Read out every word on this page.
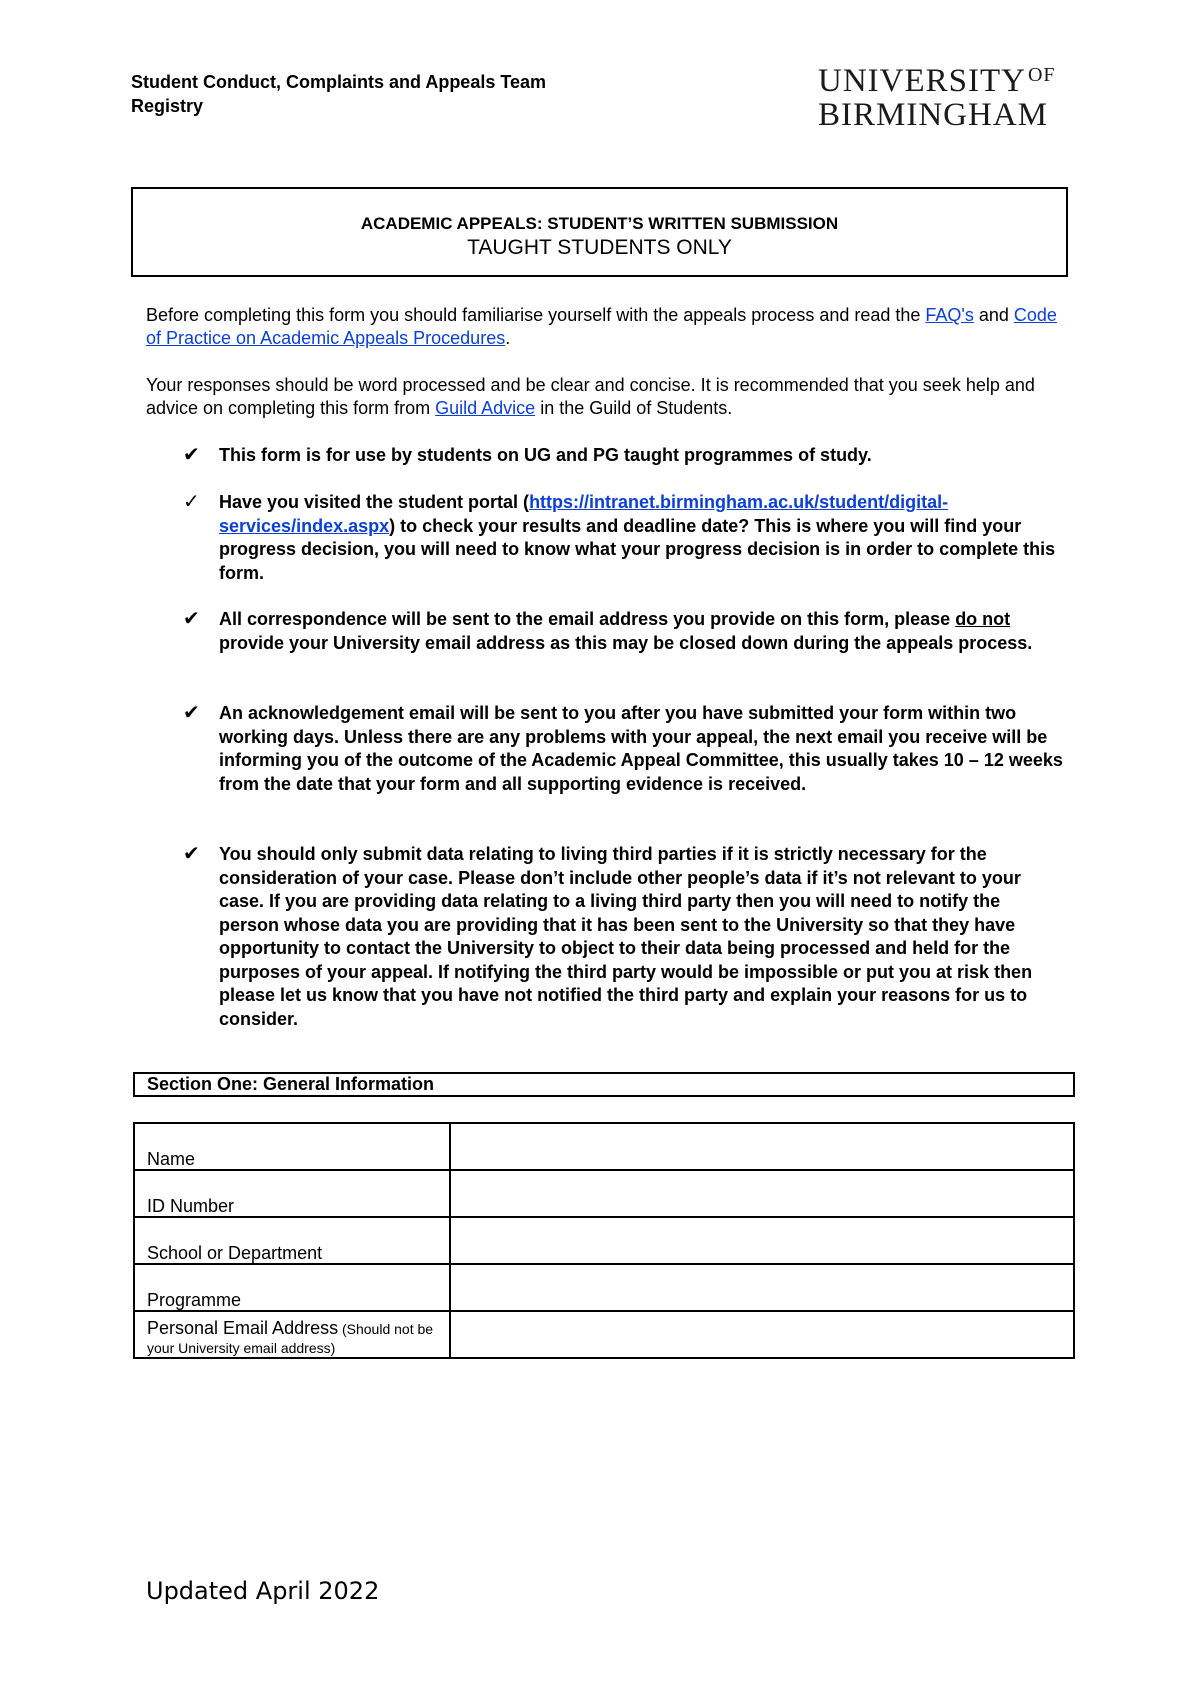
Student Conduct, Complaints and Appeals Team
Registry
UNIVERSITY $^{OF}$
BIRMINGHAM
ACADEMIC APPEALS: STUDENT’S WRITTEN SUBMISSION
TAUGHT STUDENTS ONLY
Before completing this form you should familiarise yourself with the appeals process and read the FAQ's and Code of Practice on Academic Appeals Procedures.
Your responses should be word processed and be clear and concise. It is recommended that you seek help and advice on completing this form from Guild Advice in the Guild of Students.
✔ This form is for use by students on UG and PG taught programmes of study.
✓ Have you visited the student portal (https://intranet.birmingham.ac.uk/student/digital-services/index.aspx) to check your results and deadline date? This is where you will find your progress decision, you will need to know what your progress decision is in order to complete this form.
✔ All correspondence will be sent to the email address you provide on this form, please do not provide your University email address as this may be closed down during the appeals process.
✔ An acknowledgement email will be sent to you after you have submitted your form within two working days. Unless there are any problems with your appeal, the next email you receive will be informing you of the outcome of the Academic Appeal Committee, this usually takes 10 – 12 weeks from the date that your form and all supporting evidence is received.
✔ You should only submit data relating to living third parties if it is strictly necessary for the consideration of your case. Please don’t include other people’s data if it’s not relevant to your case. If you are providing data relating to a living third party then you will need to notify the person whose data you are providing that it has been sent to the University so that they have opportunity to contact the University to object to their data being processed and held for the purposes of your appeal. If notifying the third party would be impossible or put you at risk then please let us know that you have not notified the third party and explain your reasons for us to consider.
Section One: General Information
Name	
ID Number	
School or Department	
Programme	
Personal Email Address (Should not be your University email address)	
Updated April 2022
